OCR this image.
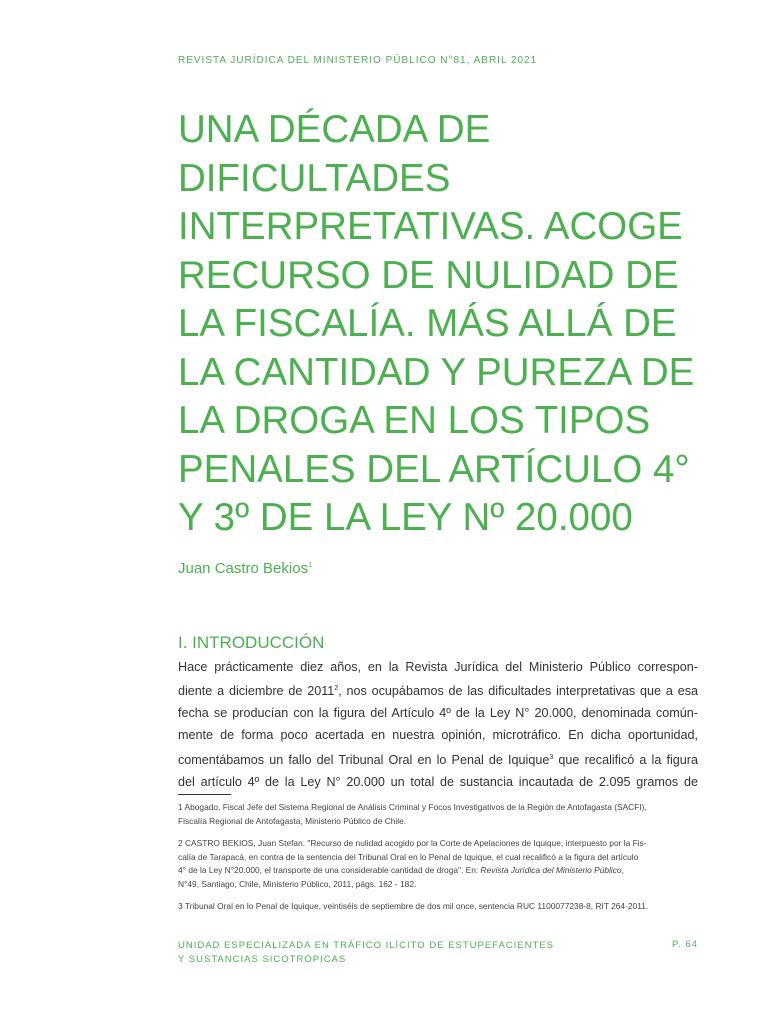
REVISTA JURÍDICA DEL MINISTERIO PÚBLICO N°81, ABRIL 2021
UNA DÉCADA DE
DIFICULTADES
INTERPRETATIVAS. ACOGE
RECURSO DE NULIDAD DE
LA FISCALÍA. MÁS ALLÁ DE
LA CANTIDAD Y PUREZA DE
LA DROGA EN LOS TIPOS
PENALES DEL ARTÍCULO 4°
Y 3º DE LA LEY Nº 20.000
Juan Castro Bekios$^1$
I. INTRODUCCIÓN
Hace prácticamente diez años, en la Revista Jurídica del Ministerio Público correspon-
diente a diciembre de 2011$^2$, nos ocupábamos de las dificultades interpretativas que a esa
fecha se producían con la figura del Artículo 4º de la Ley N° 20.000, denominada común-
mente de forma poco acertada en nuestra opinión, microtráfico. En dicha oportunidad,
comentábamos un fallo del Tribunal Oral en lo Penal de Iquique$^3$ que recalificó a la figura
del artículo 4º de la Ley N° 20.000 un total de sustancia incautada de 2.095 gramos de

1 Abogado, Fiscal Jefe del Sistema Regional de Análisis Criminal y Focos Investigativos de la Región de Antofagasta (SACFI),
Fiscalía Regional de Antofagasta, Ministerio Público de Chile.

2 CASTRO BEKIOS, Juan Stefan. "Recurso de nulidad acogido por la Corte de Apelaciones de Iquique, interpuesto por la Fis-
calía de Tarapacá, en contra de la sentencia del Tribunal Oral en lo Penal de Iquique, el cual recalificó a la figura del artículo
4° de la Ley N°20.000, el transporte de una considerable cantidad de droga". En: Revista Jurídica del Ministerio Público,
N°49, Santiago, Chile, Ministerio Público, 2011, págs. 162 - 182.

3 Tribunal Oral en lo Penal de Iquique, veintiséis de septiembre de dos mil once, sentencia RUC 1100077238-8, RIT 264-2011.

UNIDAD ESPECIALIZADA EN TRÁFICO ILÍCITO DE ESTUPEFACIENTES
Y SUSTANCIAS SICOTRÓPICAS
P. 64
